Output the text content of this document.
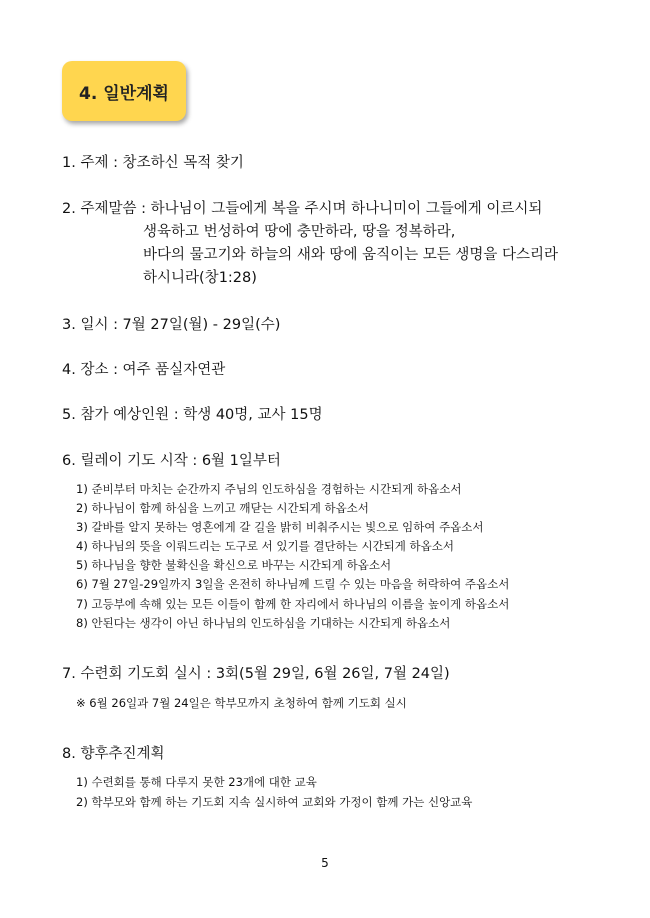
4. 일반계획
1. 주제 : 창조하신 목적 찾기
2. 주제말씀 : 하나님이 그들에게 복을 주시며 하나니미이 그들에게 이르시되
생육하고 번성하여 땅에 충만하라, 땅을 정복하라,
바다의 물고기와 하늘의 새와 땅에 움직이는 모든 생명을 다스리라
하시니라(창1:28)
3. 일시 : 7월 27일(월) - 29일(수)
4. 장소 : 여주 품실자연관
5. 참가 예상인원 : 학생 40명, 교사 15명
6. 릴레이 기도 시작 : 6월 1일부터
1) 준비부터 마치는 순간까지 주님의 인도하심을 경험하는 시간되게 하옵소서
2) 하나님이 함께 하심을 느끼고 깨닫는 시간되게 하옵소서
3) 갈바를 알지 못하는 영혼에게 갈 길을 밝히 비춰주시는 빛으로 임하여 주옵소서
4) 하나님의 뜻을 이뤄드리는 도구로 서 있기를 결단하는 시간되게 하옵소서
5) 하나님을 향한 불확신을 확신으로 바꾸는 시간되게 하옵소서
6) 7월 27일-29일까지 3일을 온전히 하나님께 드릴 수 있는 마음을 허락하여 주옵소서
7) 고등부에 속해 있는 모든 이들이 함께 한 자리에서 하나님의 이름을 높이게 하옵소서
8) 안된다는 생각이 아닌 하나님의 인도하심을 기대하는 시간되게 하옵소서
7. 수련회 기도회 실시 : 3회(5월 29일, 6월 26일, 7월 24일)
※ 6월 26일과 7월 24일은 학부모까지 초청하여 함께 기도회 실시
8. 향후추진계획
1) 수련회를 통해 다루지 못한 23개에 대한 교육
2) 학부모와 함께 하는 기도회 지속 실시하여 교회와 가정이 함께 가는 신앙교육
5
